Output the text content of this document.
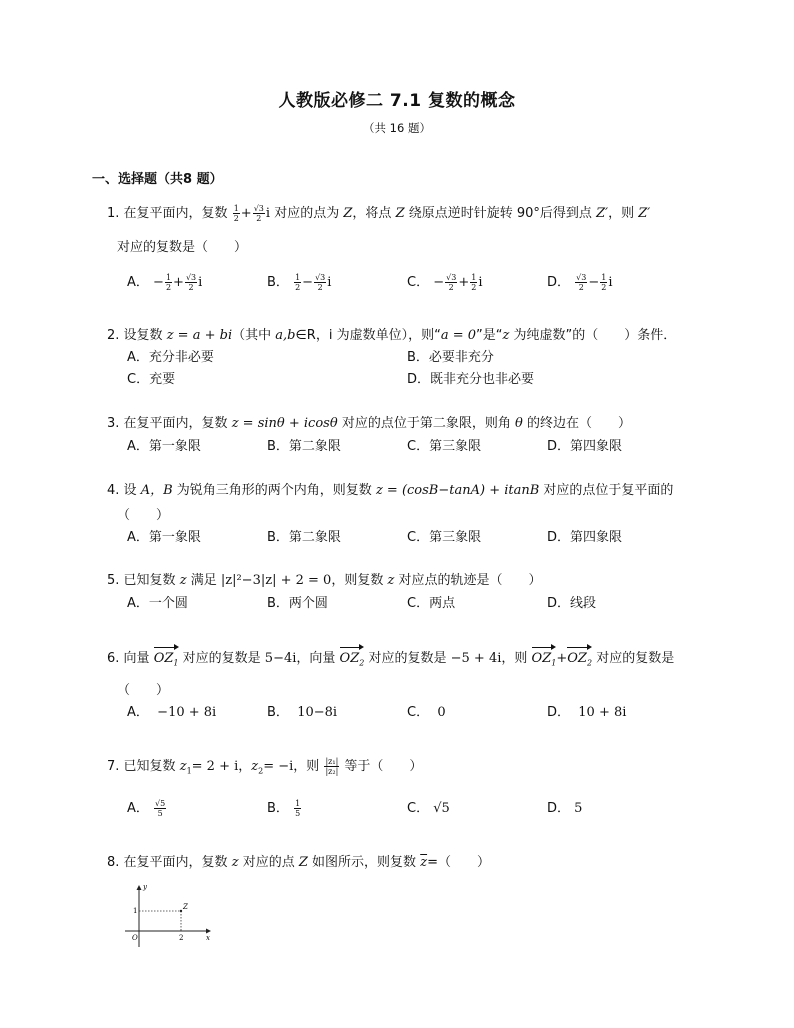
人教版必修二 7.1 复数的概念
（共 16 题）
一、选择题（共8 题）
1. 在复平面内，复数 $\frac{1}{2} + \frac{√3}{2}$ i 对应的点为 Z，将点 Z 绕原点逆时针旋转 90°后得到点 Z′，则 Z′
对应的复数是（　　）
A． − $\frac{1}{2} + \frac{√3}{2}$ i	B． $\frac{1}{2} - \frac{√3}{2}$ i	C． − $\frac{√3}{2} + \frac{1}{2}$ i	D． $\frac{√3}{2} - \frac{1}{2}$ i
2. 设复数 z = a + bi（其中 a,b∈R，i 为虚数单位），则“a = 0”是“z 为纯虚数”的（　　）条件．
A．充分非必要	B．必要非充分
C．充要	D．既非充分也非必要
3. 在复平面内，复数 z = sinθ + icosθ 对应的点位于第二象限，则角 θ 的终边在（　　）
A．第一象限	B．第二象限	C．第三象限	D．第四象限
4. 设 A，B 为锐角三角形的两个内角，则复数 z = (cosB−tanA) + itanB 对应的点位于复平面的
（　　）
A．第一象限	B．第二象限	C．第三象限	D．第四象限
5. 已知复数 z 满足 |z|²−3|z| + 2 = 0，则复数 z 对应点的轨迹是（　　）
A．一个圆	B．两个圆	C．两点	D．线段
6. 向量 $OZ_1$ 对应的复数是 5−4i，向量 $OZ_2$ 对应的复数是 −5 + 4i，则 $OZ_1+OZ_2$ 对应的复数是
（　　）
A． −10 + 8i	B． 10−8i	C． 0	D． 10 + 8i
7. 已知复数 $z_1= 2 + i$，$z_2= -i$，则 $\frac{\text{|z₁|}}{\text{|z₂|}}$ 等于（　　）
A． $\frac{√5}{5}$	B． $\frac{1}{5}$	C． √5	D． 5
8. 在复平面内，复数 z 对应的点 Z 如图所示，则复数 $\overline{z}=$（　　）
y
x
O
Z
2
1
